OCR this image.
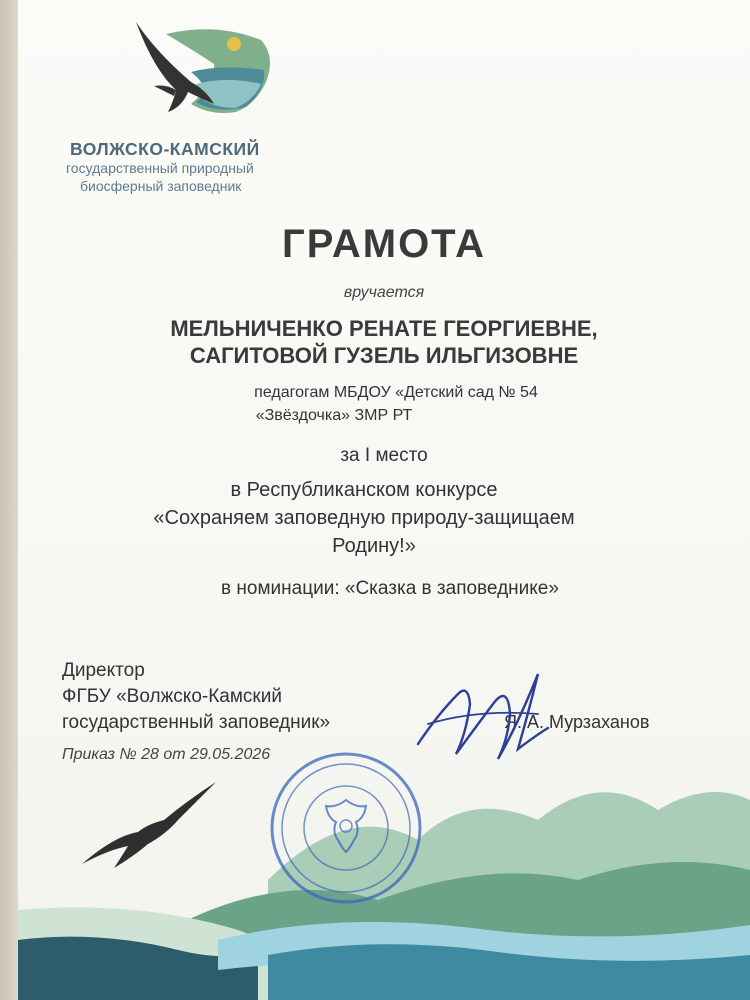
ВОЛЖСКО-КАМСКИЙ
государственный природный
биосферный заповедник
ГРАМОТА
вручается
МЕЛЬНИЧЕНКО РЕНАТЕ ГЕОРГИЕВНЕ,
САГИТОВОЙ ГУЗЕЛЬ ИЛЬГИЗОВНЕ
педагогам МБДОУ «Детский сад № 54
«Звёздочка» ЗМР РТ
за I место
в Республиканском конкурсе
«Сохраняем заповедную природу-защищаем
Родину!»
в номинации: «Сказка в заповеднике»
Директор
ФГБУ «Волжско-Камский
государственный заповедник»	Я. А. Мурзаханов
Приказ № 28 от 29.05.2026
